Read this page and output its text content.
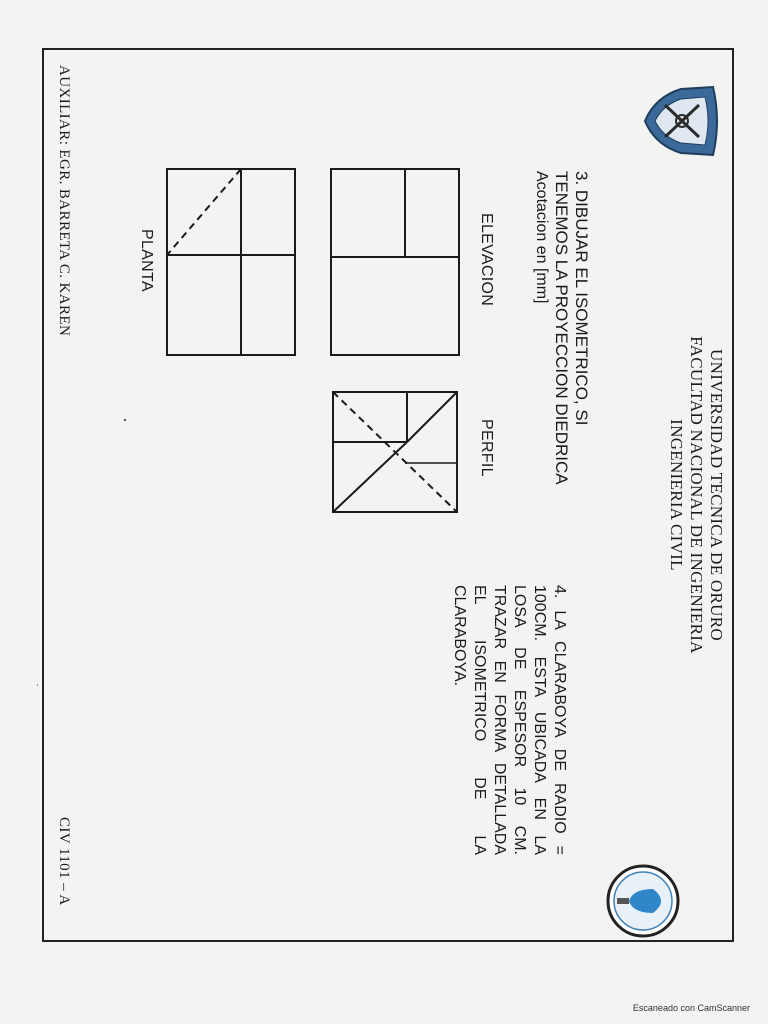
UNIVERSIDAD TECNICA DE ORURO
FACULTAD NACIONAL DE INGENIERIA
INGENIERIA CIVIL
3. DIBUJAR EL ISOMETRICO, SI
TENEMOS LA PROYECCION DIEDRICA
Acotacion en [mm]
ELEVACION
PERFIL
PLANTA
4. LA CLARABOYA DE RADIO = 100CM. ESTA UBICADA EN LA LOSA DE ESPESOR 10 CM. TRAZAR EN FORMA DETALLADA EL ISOMETRICO DE LA CLARABOYA.
AUXILIAR: EGR. BARRETA C. KAREN
CIV 1101 – A
Escaneado con CamScanner
